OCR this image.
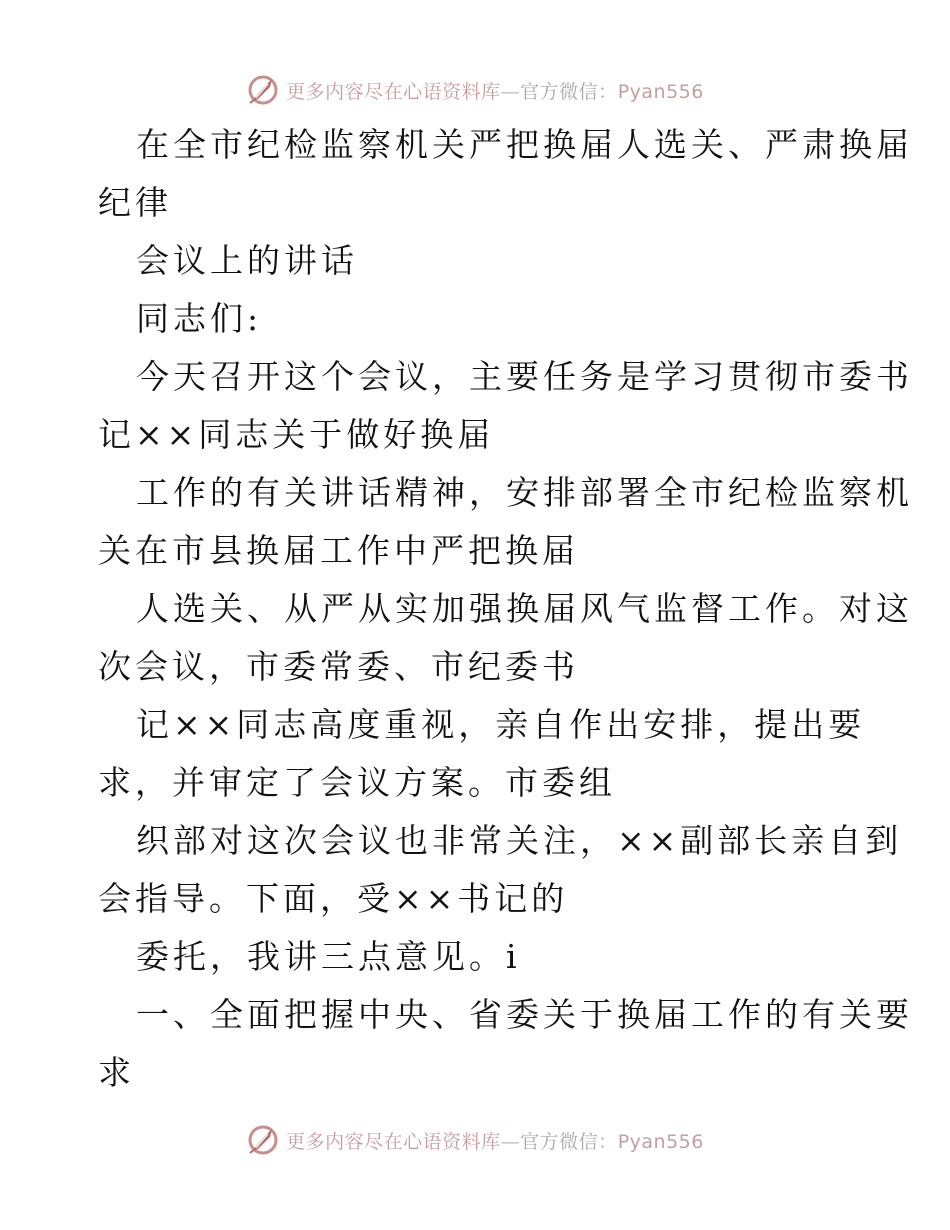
更多内容尽在心语资料库—官方微信：Pyan556
在全市纪检监察机关严把换届人选关、严肃换届
纪律
会议上的讲话
同志们:
今天召开这个会议，主要任务是学习贯彻市委书
记××同志关于做好换届
工作的有关讲话精神，安排部署全市纪检监察机
关在市县换届工作中严把换届
人选关、从严从实加强换届风气监督工作。对这
次会议，市委常委、市纪委书
记××同志高度重视，亲自作出安排，提出要
求，并审定了会议方案。市委组
织部对这次会议也非常关注，××副部长亲自到
会指导。下面，受××书记的
委托，我讲三点意见。i
一、全面把握中央、省委关于换届工作的有关要
求
更多内容尽在心语资料库—官方微信：Pyan556
